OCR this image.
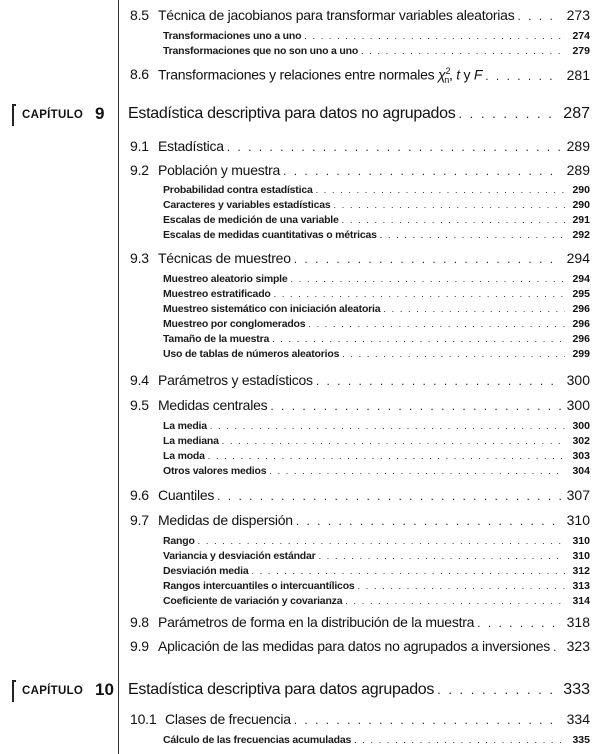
8.5 Técnica de jacobianos para transformar variables aleatorias . . .	273
Transformaciones uno a uno . . .	274
Transformaciones que no son uno a uno . . .	279
8.6 Transformaciones y relaciones entre normales $\chi^2_n$, t y F . . .	281
CAPÍTULO 9 Estadística descriptiva para datos no agrupados . . .	287
9.1 Estadística . . .	289
9.2 Población y muestra . . .	289
Probabilidad contra estadística . . .	290
Caracteres y variables estadísticas . . .	290
Escalas de medición de una variable . . .	291
Escalas de medidas cuantitativas o métricas . . .	292
9.3 Técnicas de muestreo . . .	294
Muestreo aleatorio simple . . .	294
Muestreo estratificado . . .	295
Muestreo sistemático con iniciación aleatoria . . .	296
Muestreo por conglomerados . . .	296
Tamaño de la muestra . . .	296
Uso de tablas de números aleatorios . . .	299
9.4 Parámetros y estadísticos . . .	300
9.5 Medidas centrales . . .	300
La media . . .	300
La mediana . . .	302
La moda . . .	303
Otros valores medios . . .	304
9.6 Cuantiles . . .	307
9.7 Medidas de dispersión . . .	310
Rango . . .	310
Variancia y desviación estándar . . .	310
Desviación media . . .	312
Rangos intercuantiles o intercuantílicos . . .	313
Coeficiente de variación y covarianza . . .	314
9.8 Parámetros de forma en la distribución de la muestra . . .	318
9.9 Aplicación de las medidas para datos no agrupados a inversiones . . . 323
CAPÍTULO 10 Estadística descriptiva para datos agrupados . . .	333
10.1 Clases de frecuencia . . .	334
Cálculo de las frecuencias acumuladas . . .	335
